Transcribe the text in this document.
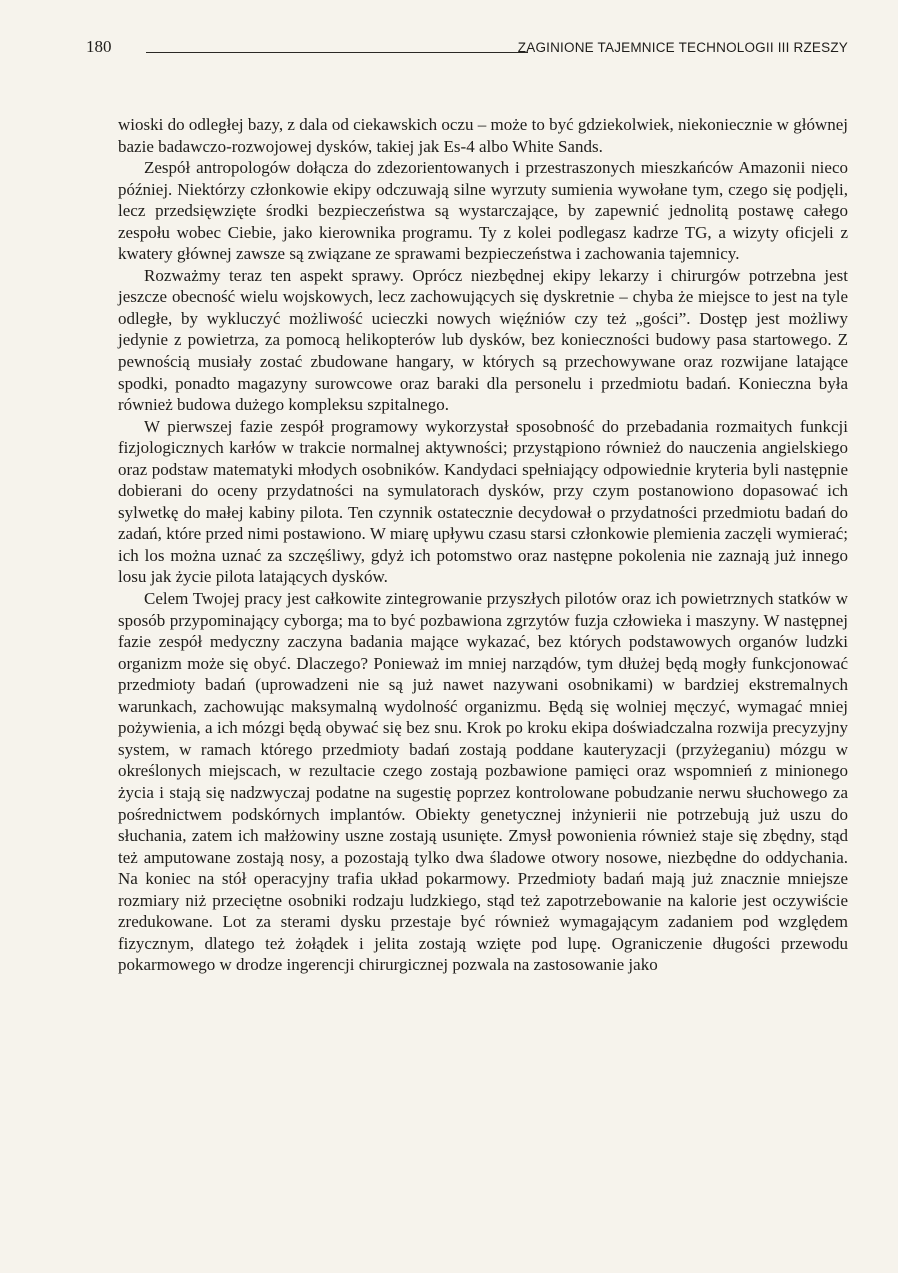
180	ZAGINIONE TAJEMNICE TECHNOLOGII III RZESZY

wioski do odległej bazy, z dala od ciekawskich oczu – może to być gdziekolwiek, niekoniecznie w głównej bazie badawczo-rozwojowej dysków, takiej jak Es-4 albo White Sands.

Zespół antropologów dołącza do zdezorientowanych i przestraszonych mieszkańców Amazonii nieco później. Niektórzy członkowie ekipy odczuwają silne wyrzuty sumienia wywołane tym, czego się podjęli, lecz przedsięwzięte środki bezpieczeństwa są wystarczające, by zapewnić jednolitą postawę całego zespołu wobec Ciebie, jako kierownika programu. Ty z kolei podlegasz kadrze TG, a wizyty oficjeli z kwatery głównej zawsze są związane ze sprawami bezpieczeństwa i zachowania tajemnicy.

Rozważmy teraz ten aspekt sprawy. Oprócz niezbędnej ekipy lekarzy i chirurgów potrzebna jest jeszcze obecność wielu wojskowych, lecz zachowujących się dyskretnie – chyba że miejsce to jest na tyle odległe, by wykluczyć możliwość ucieczki nowych więźniów czy też „gości”. Dostęp jest możliwy jedynie z powietrza, za pomocą helikopterów lub dysków, bez konieczności budowy pasa startowego. Z pewnością musiały zostać zbudowane hangary, w których są przechowywane oraz rozwijane latające spodki, ponadto magazyny surowcowe oraz baraki dla personelu i przedmiotu badań. Konieczna była również budowa dużego kompleksu szpitalnego.

W pierwszej fazie zespół programowy wykorzystał sposobność do przebadania rozmaitych funkcji fizjologicznych karłów w trakcie normalnej aktywności; przystąpiono również do nauczenia angielskiego oraz podstaw matematyki młodych osobników. Kandydaci spełniający odpowiednie kryteria byli następnie dobierani do oceny przydatności na symulatorach dysków, przy czym postanowiono dopasować ich sylwetkę do małej kabiny pilota. Ten czynnik ostatecznie decydował o przydatności przedmiotu badań do zadań, które przed nimi postawiono. W miarę upływu czasu starsi członkowie plemienia zaczęli wymierać; ich los można uznać za szczęśliwy, gdyż ich potomstwo oraz następne pokolenia nie zaznają już innego losu jak życie pilota latających dysków.

Celem Twojej pracy jest całkowite zintegrowanie przyszłych pilotów oraz ich powietrznych statków w sposób przypominający cyborga; ma to być pozbawiona zgrzytów fuzja człowieka i maszyny. W następnej fazie zespół medyczny zaczyna badania mające wykazać, bez których podstawowych organów ludzki organizm może się obyć. Dlaczego? Ponieważ im mniej narządów, tym dłużej będą mogły funkcjonować przedmioty badań (uprowadzeni nie są już nawet nazywani osobnikami) w bardziej ekstremalnych warunkach, zachowując maksymalną wydolność organizmu. Będą się wolniej męczyć, wymagać mniej pożywienia, a ich mózgi będą obywać się bez snu. Krok po kroku ekipa doświadczalna rozwija precyzyjny system, w ramach którego przedmioty badań zostają poddane kauteryzacji (przyżeganiu) mózgu w określonych miejscach, w rezultacie czego zostają pozbawione pamięci oraz wspomnień z minionego życia i stają się nadzwyczaj podatne na sugestię poprzez kontrolowane pobudzanie nerwu słuchowego za pośrednictwem podskórnych implantów. Obiekty genetycznej inżynierii nie potrzebują już uszu do słuchania, zatem ich małżowiny uszne zostają usunięte. Zmysł powonienia również staje się zbędny, stąd też amputowane zostają nosy, a pozostają tylko dwa śladowe otwory nosowe, niezbędne do oddychania. Na koniec na stół operacyjny trafia układ pokarmowy. Przedmioty badań mają już znacznie mniejsze rozmiary niż przeciętne osobniki rodzaju ludzkiego, stąd też zapotrzebowanie na kalorie jest oczywiście zredukowane. Lot za sterami dysku przestaje być również wymagającym zadaniem pod względem fizycznym, dlatego też żołądek i jelita zostają wzięte pod lupę. Ograniczenie długości przewodu pokarmowego w drodze ingerencji chirurgicznej pozwala na zastosowanie jako
